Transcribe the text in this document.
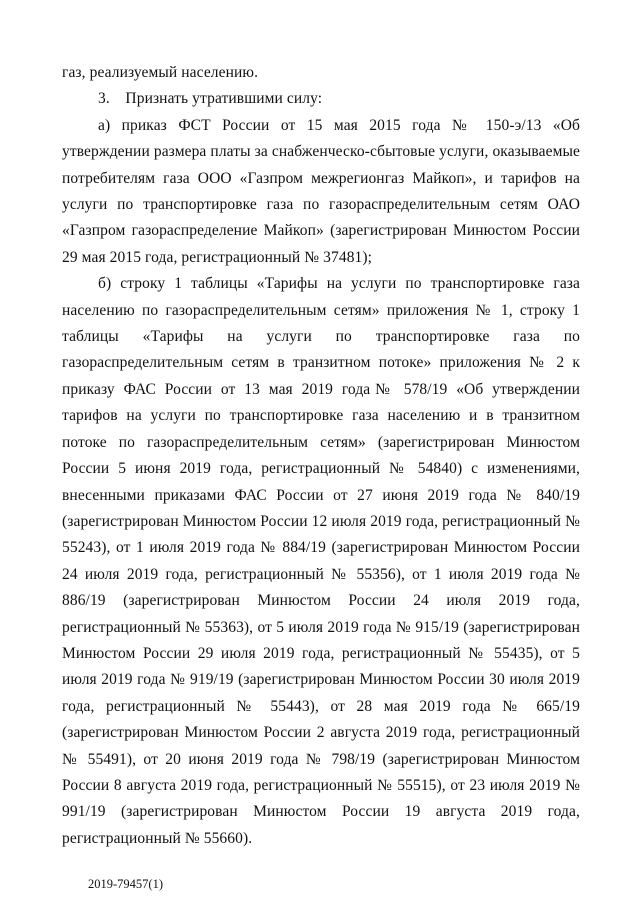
газ, реализуемый населению.

3. Признать утратившими силу:

а) приказ ФСТ России от 15 мая 2015 года № 150-э/13 «Об утверждении размера платы за снабженческо-сбытовые услуги, оказываемые потребителям газа ООО «Газпром межрегионгаз Майкоп», и тарифов на услуги по транспортировке газа по газораспределительным сетям ОАО «Газпром газораспределение Майкоп» (зарегистрирован Минюстом России 29 мая 2015 года, регистрационный № 37481);

б) строку 1 таблицы «Тарифы на услуги по транспортировке газа населению по газораспределительным сетям» приложения № 1, строку 1 таблицы «Тарифы на услуги по транспортировке газа по газораспределительным сетям в транзитном потоке» приложения № 2 к приказу ФАС России от 13 мая 2019 года№ 578/19 «Об утверждении тарифов на услуги по транспортировке газа населению и в транзитном потоке по газораспределительным сетям» (зарегистрирован Минюстом России 5 июня 2019 года, регистрационный № 54840) с изменениями, внесенными приказами ФАС России от 27 июня 2019 года № 840/19 (зарегистрирован Минюстом России 12 июля 2019 года, регистрационный № 55243), от 1 июля 2019 года № 884/19 (зарегистрирован Минюстом России 24 июля 2019 года, регистрационный № 55356), от 1 июля 2019 года № 886/19 (зарегистрирован Минюстом России 24 июля 2019 года, регистрационный № 55363), от 5 июля 2019 года № 915/19 (зарегистрирован Минюстом России 29 июля 2019 года, регистрационный № 55435), от 5 июля 2019 года № 919/19 (зарегистрирован Минюстом России 30 июля 2019 года, регистрационный № 55443), от 28 мая 2019 года № 665/19 (зарегистрирован Минюстом России 2 августа 2019 года, регистрационный № 55491), от 20 июня 2019 года № 798/19 (зарегистрирован Минюстом России 8 августа 2019 года, регистрационный № 55515), от 23 июля 2019 № 991/19 (зарегистрирован Минюстом России 19 августа 2019 года, регистрационный № 55660).

2019-79457(1)
